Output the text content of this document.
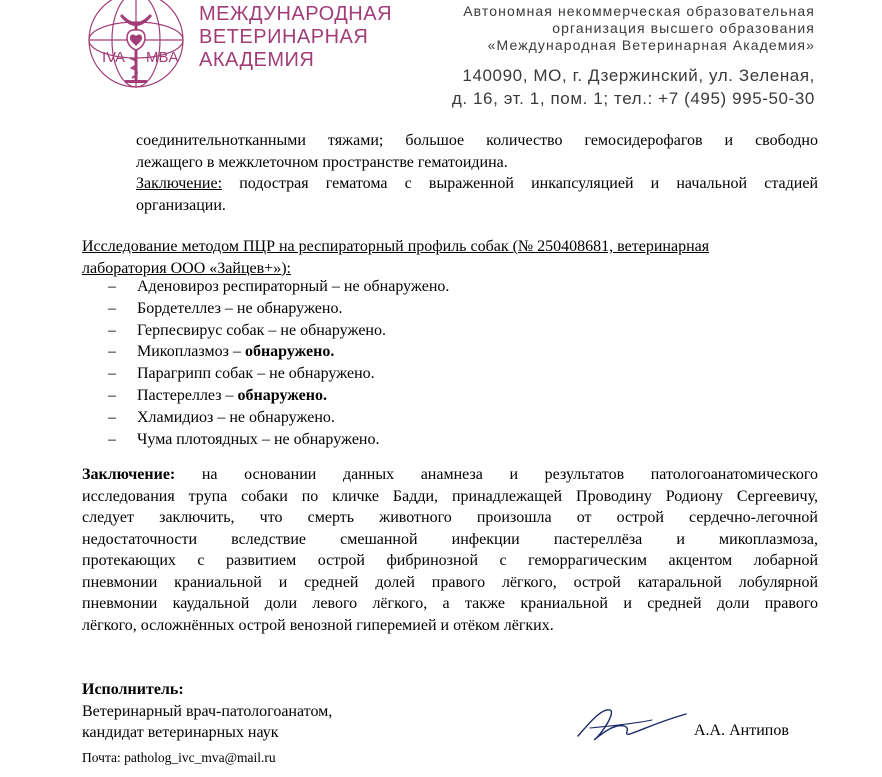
IVA MBA
МЕЖДУНАРОДНАЯ
ВЕТЕРИНАРНАЯ
АКАДЕМИЯ
Автономная некоммерческая образовательная
организация высшего образования
«Международная Ветеринарная Академия»
140090, МО, г. Дзержинский, ул. Зеленая,
д. 16, эт. 1, пом. 1; тел.: +7 (495) 995-50-30
соединительнотканными тяжами; большое количество гемосидерофагов и свободно
лежащего в межклеточном пространстве гематоидина.
Заключение: подострая гематома с выраженной инкапсуляцией и начальной стадией
организации.
Исследование методом ПЦР на респираторный профиль собак (№ 250408681, ветеринарная
лаборатория ООО «Зайцев+»):
– Аденовироз респираторный – не обнаружено.
– Бордетеллез – не обнаружено.
– Герпесвирус собак – не обнаружено.
– Микоплазмоз – обнаружено.
– Парагрипп собак – не обнаружено.
– Пастереллез – обнаружено.
– Хламидиоз – не обнаружено.
– Чума плотоядных – не обнаружено.
Заключение: на основании данных анамнеза и результатов патологоанатомического
исследования трупа собаки по кличке Бадди, принадлежащей Проводину Родиону Сергеевичу,
следует заключить, что смерть животного произошла от острой сердечно-легочной
недостаточности вследствие смешанной инфекции пастереллёза и микоплазмоза,
протекающих с развитием острой фибринозной с геморрагическим акцентом лобарной
пневмонии краниальной и средней долей правого лёгкого, острой катаральной лобулярной
пневмонии каудальной доли левого лёгкого, а также краниальной и средней доли правого
лёгкого, осложнённых острой венозной гиперемией и отёком лёгких.
Исполнитель:
Ветеринарный врач-патологоанатом,
кандидат ветеринарных наук	А.А. Антипов
Почта: patholog_ivc_mva@mail.ru
